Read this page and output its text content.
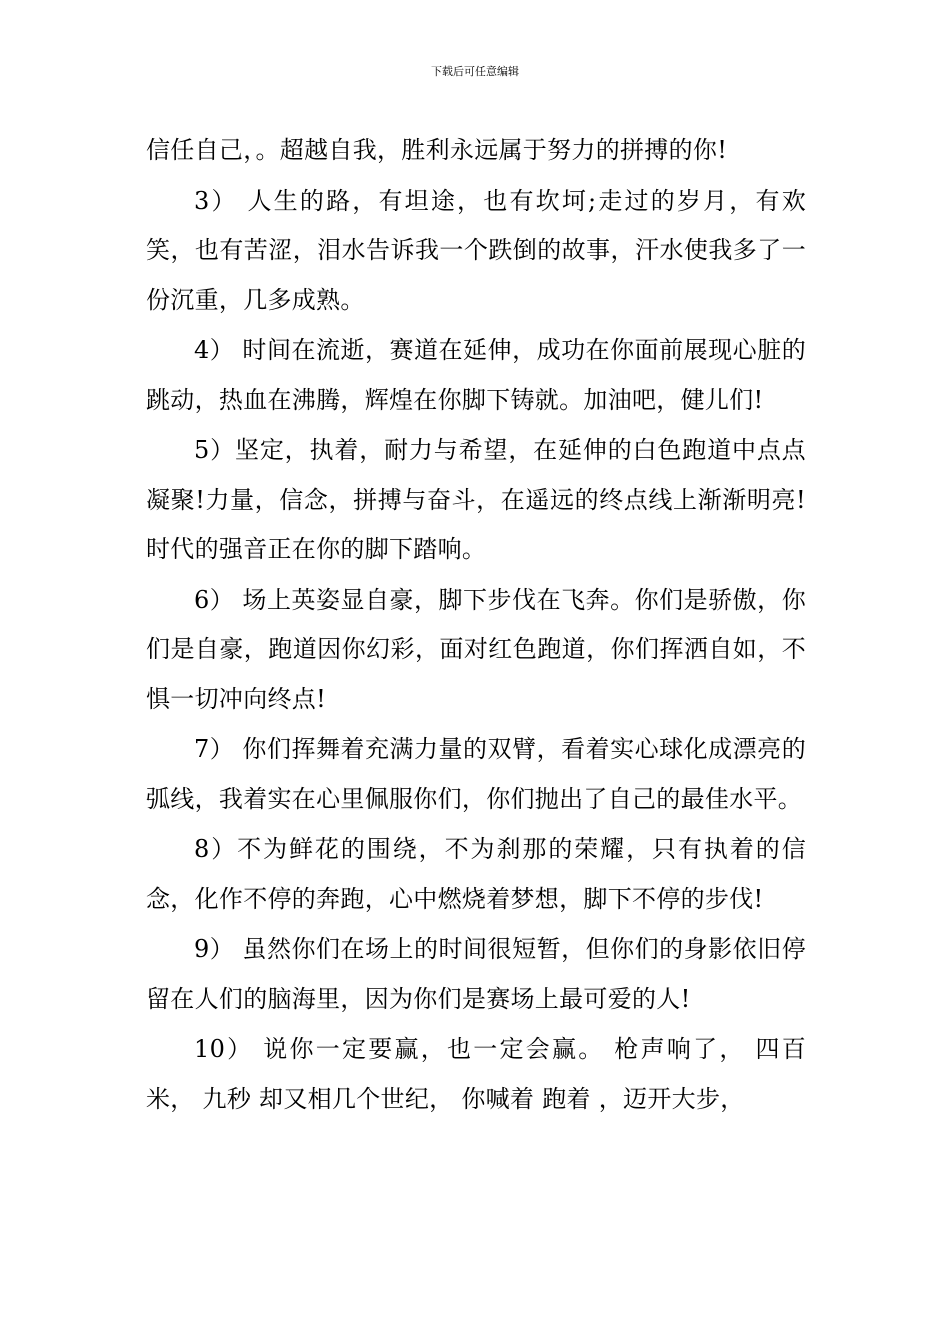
下载后可任意编辑

信任自己，。超越自我，胜利永远属于努力的拼搏的你!

3） 人生的路，有坦途，也有坎坷;走过的岁月，有欢笑，也有苦涩，泪水告诉我一个跌倒的故事，汗水使我多了一份沉重，几多成熟。

4） 时间在流逝，赛道在延伸，成功在你面前展现心脏的跳动，热血在沸腾，辉煌在你脚下铸就。加油吧，健儿们!

5）坚定，执着，耐力与希望，在延伸的白色跑道中点点凝聚!力量，信念，拼搏与奋斗，在遥远的终点线上渐渐明亮!时代的强音正在你的脚下踏响。

6） 场上英姿显自豪，脚下步伐在飞奔。你们是骄傲，你们是自豪，跑道因你幻彩，面对红色跑道，你们挥洒自如，不惧一切冲向终点!

7） 你们挥舞着充满力量的双臂，看着实心球化成漂亮的弧线，我着实在心里佩服你们，你们抛出了自己的最佳水平。

8）不为鲜花的围绕，不为刹那的荣耀，只有执着的信念，化作不停的奔跑，心中燃烧着梦想，脚下不停的步伐!

9） 虽然你们在场上的时间很短暂，但你们的身影依旧停留在人们的脑海里，因为你们是赛场上最可爱的人!

10） 说你一定要赢，也一定会赢。 枪声响了， 四百米， 九秒 却又相几个世纪， 你喊着 跑着 ，迈开大步，
